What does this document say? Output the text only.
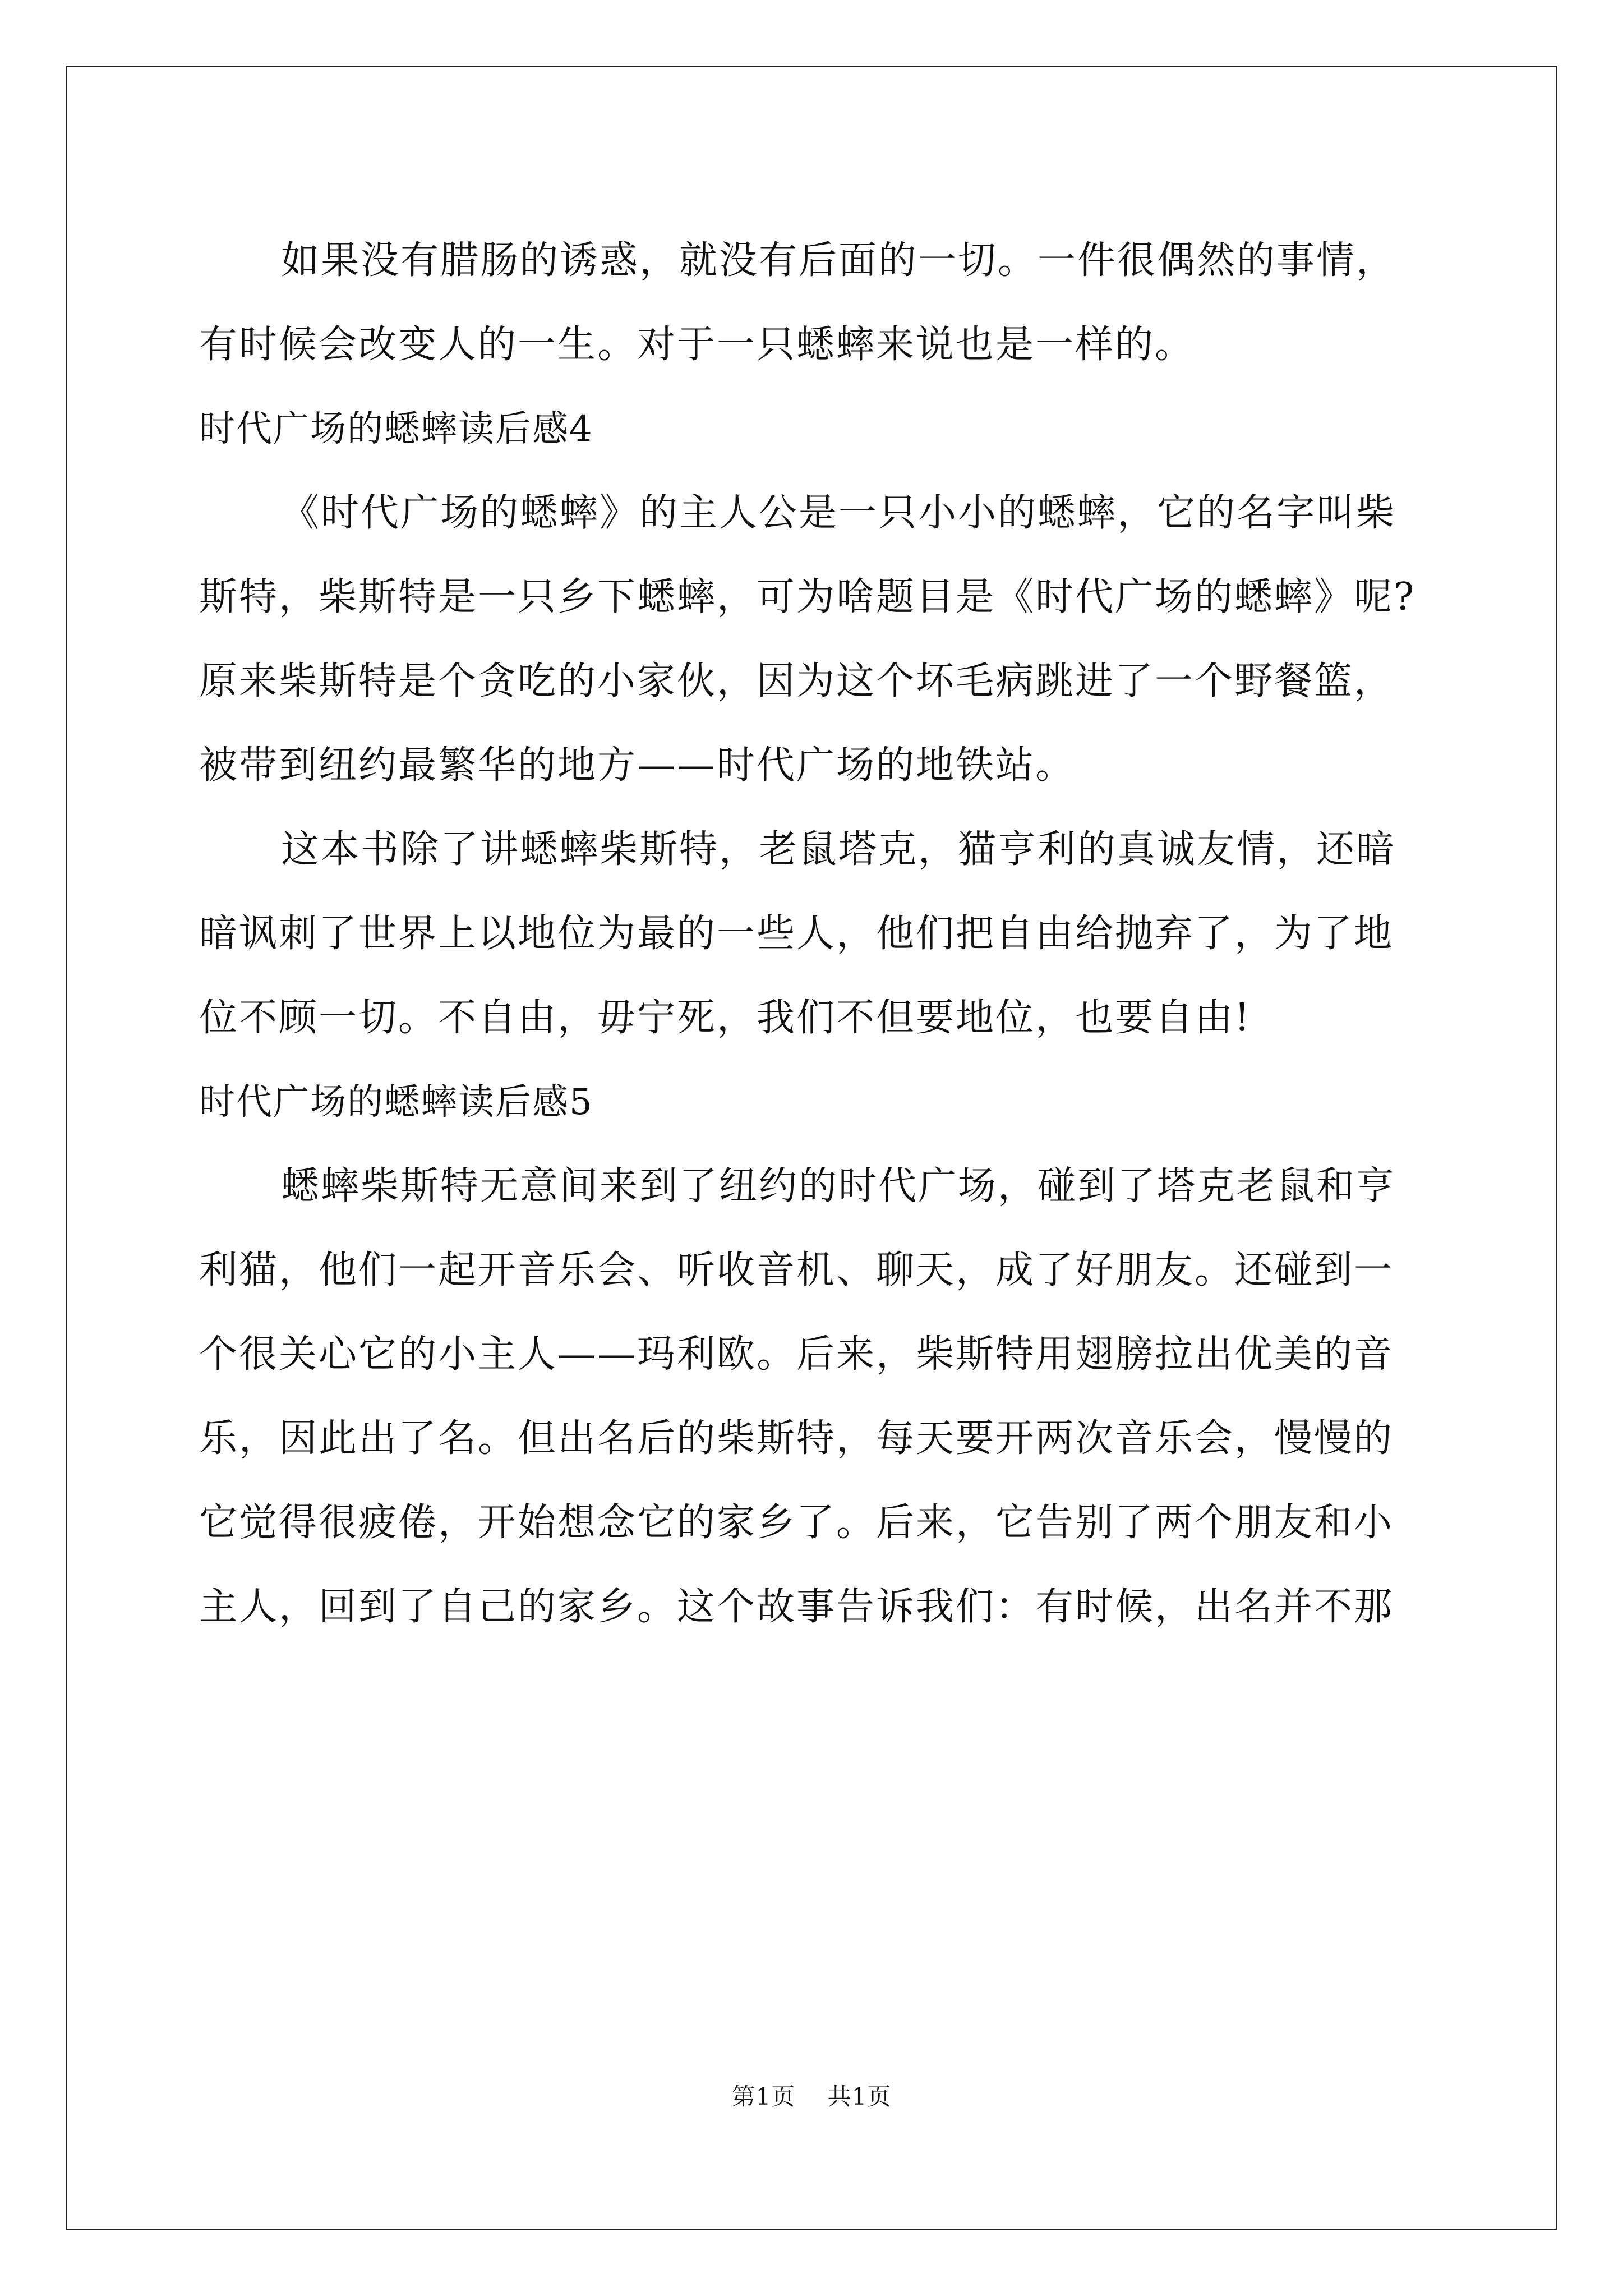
如果没有腊肠的诱惑，就没有后面的一切。一件很偶然的事情，
有时候会改变人的一生。对于一只蟋蟀来说也是一样的。
时代广场的蟋蟀读后感4
《时代广场的蟋蟀》的主人公是一只小小的蟋蟀，它的名字叫柴
斯特，柴斯特是一只乡下蟋蟀，可为啥题目是《时代广场的蟋蟀》呢?
原来柴斯特是个贪吃的小家伙，因为这个坏毛病跳进了一个野餐篮，
被带到纽约最繁华的地方——时代广场的地铁站。
这本书除了讲蟋蟀柴斯特，老鼠塔克，猫亨利的真诚友情，还暗
暗讽刺了世界上以地位为最的一些人，他们把自由给抛弃了，为了地
位不顾一切。不自由，毋宁死，我们不但要地位，也要自由!
时代广场的蟋蟀读后感5
蟋蟀柴斯特无意间来到了纽约的时代广场，碰到了塔克老鼠和亨
利猫，他们一起开音乐会、听收音机、聊天，成了好朋友。还碰到一
个很关心它的小主人——玛利欧。后来，柴斯特用翅膀拉出优美的音
乐，因此出了名。但出名后的柴斯特，每天要开两次音乐会，慢慢的
它觉得很疲倦，开始想念它的家乡了。后来，它告别了两个朋友和小
主人，回到了自己的家乡。这个故事告诉我们：有时候，出名并不那
第1页    共1页
